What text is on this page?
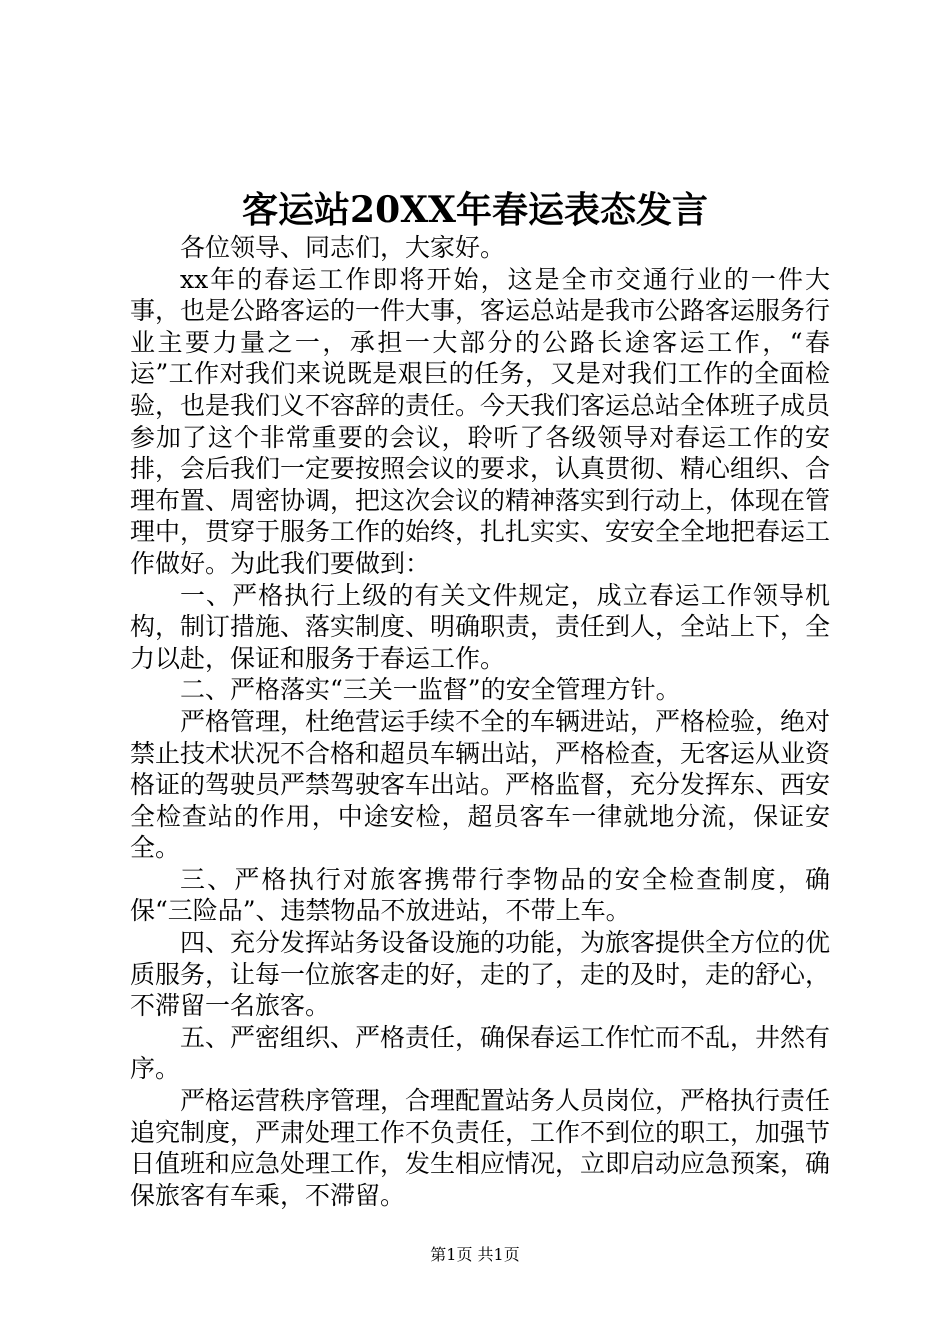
客运站20XX年春运表态发言

各位领导、同志们，大家好。

xx年的春运工作即将开始，这是全市交通行业的一件大事，也是公路客运的一件大事，客运总站是我市公路客运服务行业主要力量之一，承担一大部分的公路长途客运工作，“春运”工作对我们来说既是艰巨的任务，又是对我们工作的全面检验，也是我们义不容辞的责任。今天我们客运总站全体班子成员参加了这个非常重要的会议，聆听了各级领导对春运工作的安排，会后我们一定要按照会议的要求，认真贯彻、精心组织、合理布置、周密协调，把这次会议的精神落实到行动上，体现在管理中，贯穿于服务工作的始终，扎扎实实、安安全全地把春运工作做好。为此我们要做到：

一、严格执行上级的有关文件规定，成立春运工作领导机构，制订措施、落实制度、明确职责，责任到人，全站上下，全力以赴，保证和服务于春运工作。

二、严格落实“三关一监督”的安全管理方针。

严格管理，杜绝营运手续不全的车辆进站，严格检验，绝对禁止技术状况不合格和超员车辆出站，严格检查，无客运从业资格证的驾驶员严禁驾驶客车出站。严格监督，充分发挥东、西安全检查站的作用，中途安检，超员客车一律就地分流，保证安全。

三、严格执行对旅客携带行李物品的安全检查制度，确保“三险品”、违禁物品不放进站，不带上车。

四、充分发挥站务设备设施的功能，为旅客提供全方位的优质服务，让每一位旅客走的好，走的了，走的及时，走的舒心，不滞留一名旅客。

五、严密组织、严格责任，确保春运工作忙而不乱，井然有序。

严格运营秩序管理，合理配置站务人员岗位，严格执行责任追究制度，严肃处理工作不负责任，工作不到位的职工，加强节日值班和应急处理工作，发生相应情况，立即启动应急预案，确保旅客有车乘，不滞留。

第1页 共1页
